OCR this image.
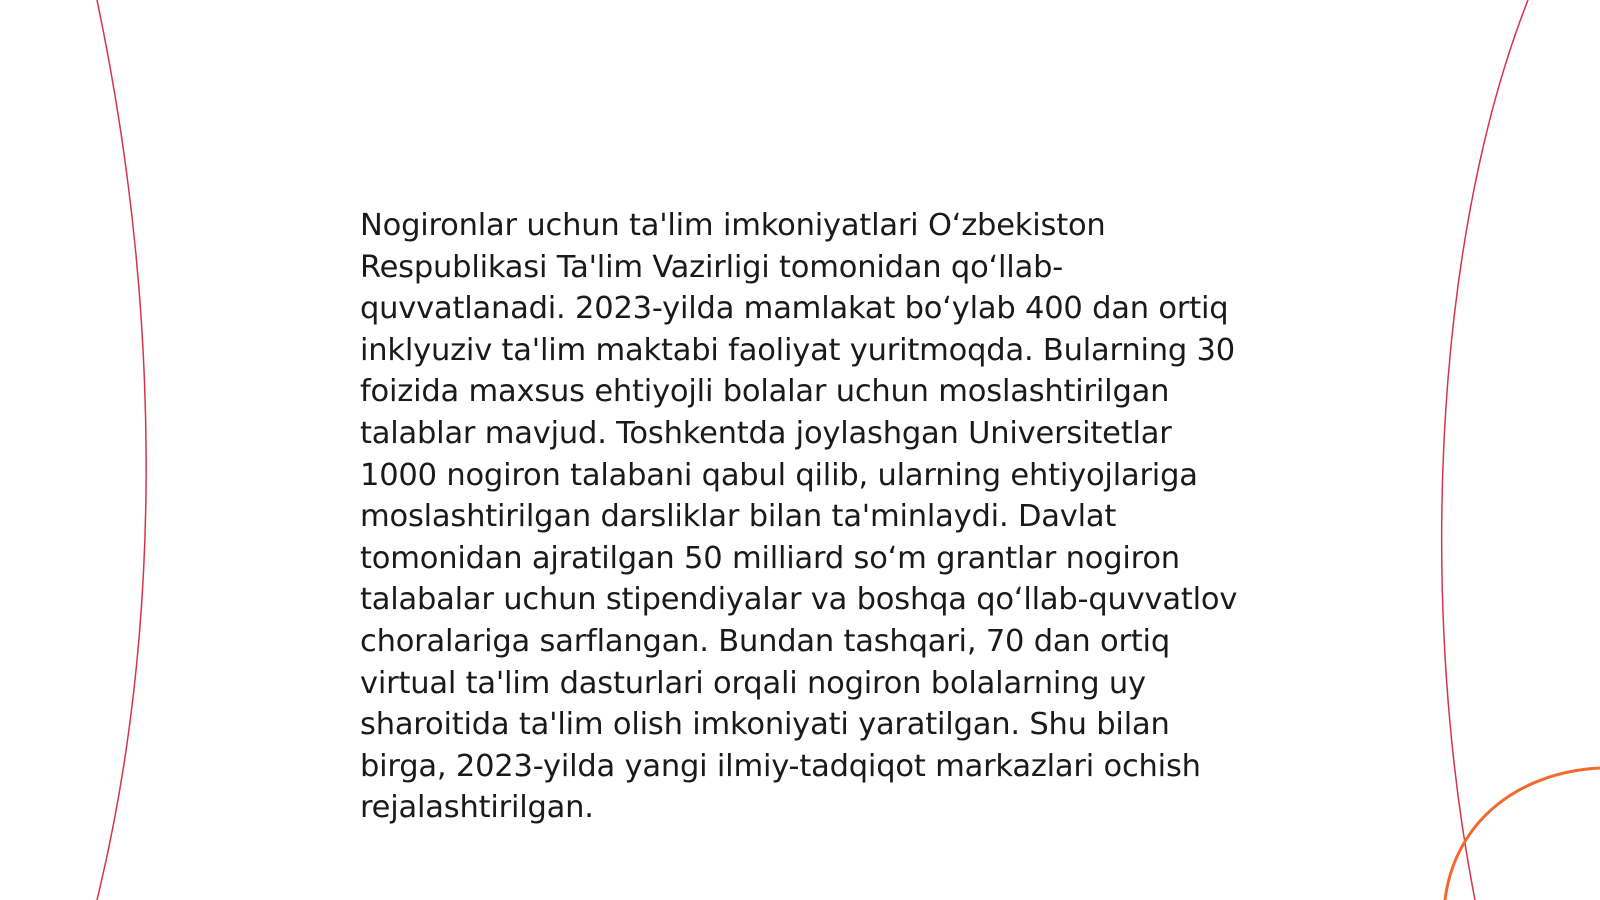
Nogironlar uchun ta'lim imkoniyatlari O‘zbekiston Respublikasi Ta'lim Vazirligi tomonidan qo‘llab-quvvatlanadi. 2023-yilda mamlakat bo‘ylab 400 dan ortiq inklyuziv ta'lim maktabi faoliyat yuritmoqda. Bularning 30 foizida maxsus ehtiyojli bolalar uchun moslashtirilgan talablar mavjud. Toshkentda joylashgan Universitetlar 1000 nogiron talabani qabul qilib, ularning ehtiyojlariga moslashtirilgan darsliklar bilan ta'minlaydi. Davlat tomonidan ajratilgan 50 milliard so‘m grantlar nogiron talabalar uchun stipendiyalar va boshqa qo‘llab-quvvatlov choralariga sarflangan. Bundan tashqari, 70 dan ortiq virtual ta'lim dasturlari orqali nogiron bolalarning uy sharoitida ta'lim olish imkoniyati yaratilgan. Shu bilan birga, 2023-yilda yangi ilmiy-tadqiqot markazlari ochish rejalashtirilgan.
